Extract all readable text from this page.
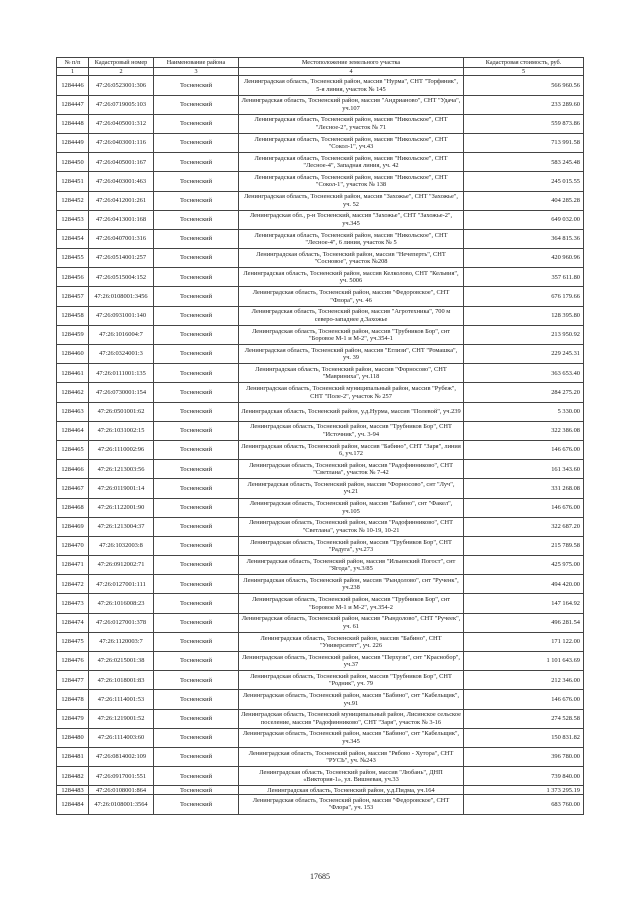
№ п/п	Кадастровый номер	Наименование района	Местоположение земельного участка	Кадастровая стоимость, руб.
1	2	3	4	5
1284446	47:26:0523001:306	Тосненский	Ленинградская область, Тосненский район, массив "Нурма", СНТ "Торфяник", 5-я линия, участок № 145	566 960.56
1284447	47:26:0719005:103	Тосненский	Ленинградская область, Тосненский район, массив "Андрианово", СНТ "Удача", уч.107	233 289.60
1284448	47:26:0405001:312	Тосненский	Ленинградская область, Тосненский район, массив "Никольское", СНТ "Лесное-2", участок № 71	559 873.86
1284449	47:26:0403001:116	Тосненский	Ленинградская область, Тосненский район, массив "Никольское", СНТ "Сокол-1", уч.43	713 991.58
1284450	47:26:0405001:167	Тосненский	Ленинградская область, Тосненский район, массив "Никольское", СНТ "Лесное-4", Западная линия, уч. 42	583 245.48
1284451	47:26:0403001:463	Тосненский	Ленинградская область, Тосненский район, массив "Никольское", СНТ "Сокол-1", участок № 138	245 015.55
1284452	47:26:0412001:261	Тосненский	Ленинградская область, Тосненский район, массив "Захожье", СНТ "Захожье", уч. 52	404 285.28
1284453	47:26:0413001:168	Тосненский	Ленинградская обл., р-н Тосненский, массив "Захожье", СНТ "Захожье-2", уч.345	649 032.00
1284454	47:26:0407001:316	Тосненский	Ленинградская область, Тосненский район, массив "Никольское", СНТ "Лесное-4", 6 линия, участок № 5	364 815.36
1284455	47:26:0514001:257	Тосненский	Ленинградская область, Тосненский район, массив "Нечеперть", СНТ "Сосновое", участок №208	420 960.96
1284456	47:26:0515004:152	Тосненский	Ленинградская область, Тосненский район, массив Келколово, СНТ "Кельвия", уч. 5006	357 611.80
1284457	47:26:0108001:3456	Тосненский	Ленинградская область, Тосненский район, массив "Федоровское", СНТ "Флора", уч. 46	676 179.66
1284458	47:26:0931001:140	Тосненский	Ленинградская область, Тосненский район, массив "Агротехника", 700 м северо-западнее д.Захожье	128 395.80
1284459	47:26:1016004:7	Тосненский	Ленинградская область, Тосненский район, массив "Трубников Бор", снт "Боровое М-1 и М-2", уч.354-1	213 950.92
1284460	47:26:0324001:3	Тосненский	Ленинградская область, Тосненский район, массив "Еглизи", СНТ "Ромашка", уч. 39	229 245.31
1284461	47:26:0111001:135	Тосненский	Ленинградская область, Тосненский район, массив "Форносово", СНТ "Мавриниха", уч.118	363 653.40
1284462	47:26:0730001:154	Тосненский	Ленинградская область, Тосненский муниципальный район, массив "Рубеж", СНТ "Поле-2", участок № 257	284 275.20
1284463	47:26:0501001:62	Тосненский	Ленинградская область, Тосненский район, у.д.Нурма, массив "Полевой", уч.239	5 330.00
1284464	47:26:1031002:15	Тосненский	Ленинградская область, Тосненский район, массив "Трубников Бор", СНТ "Источник", уч. 3-94	322 386.08
1284465	47:26:1110002:96	Тосненский	Ленинградская область, Тосненский район, массив "Бабино", СНТ "Заря", линия 6, уч.172	146 676.00
1284466	47:26:1213003:56	Тосненский	Ленинградская область, Тосненский район, массив "Радофинниково", СНТ "Светлана", участок № 7-42	161 343.60
1284467	47:26:0119001:14	Тосненский	Ленинградская область, Тосненский район, массив "Форносово", снт "Луч", уч.21	331 268.08
1284468	47:26:1122001:90	Тосненский	Ленинградская область, Тосненский район, массив "Бабино", снт "Факел", уч.105	146 676.00
1284469	47:26:1213004:37	Тосненский	Ленинградская область, Тосненский район, массив "Радофинниково", СНТ "Светлана", участок № 10-19, 10-21	322 687.20
1284470	47:26:1032003:8	Тосненский	Ленинградская область, Тосненский район, массив "Трубников Бор", СНТ "Радуга", уч.273	215 789.58
1284471	47:26:0912002:71	Тосненский	Ленинградская область, Тосненский район, массив "Ильинский Погост", снт "Ягода", уч.3/85	425 975.00
1284472	47:26:0127001:111	Тосненский	Ленинградская область, Тосненский район, массив "Рындолово", снт "Рученк", уч.238	494 420.00
1284473	47:26:1016008:23	Тосненский	Ленинградская область, Тосненский район, массив "Трубников Бор", снт "Боровое М-1 и М-2", уч.354-2	147 164.92
1284474	47:26:0127001:378	Тосненский	Ленинградская область, Тосненский район, массив "Рындолово", СНТ "Ручеек", уч. 61	496 281.54
1284475	47:26:1120003:7	Тосненский	Ленинградская область, Тосненский район, массив "Бабино", СНТ "Университет", уч. 226	171 122.00
1284476	47:26:0215001:38	Тосненский	Ленинградская область, Тосненский район, массив "Перхузи", снт "Краснобор", уч.37	1 101 643.69
1284477	47:26:1018001:83	Тосненский	Ленинградская область, Тосненский район, массив "Трубников Бор", СНТ "Родник", уч. 79	212 346.00
1284478	47:26:1114001:53	Тосненский	Ленинградская область, Тосненский район, массив "Бабино", снт "Кабельщик", уч.91	146 676.00
1284479	47:26:1219001:52	Тосненский	Ленинградская область, Тосненский муниципальный район, Лисинское сельское поселение, массив "Радофинниково", СНТ "Заря", участок № 3-16	274 528.58
1284480	47:26:1114003:60	Тосненский	Ленинградская область, Тосненский район, массив "Бабино", снт "Кабельщик", уч.345	150 831.82
1284481	47:26:0814002:109	Тосненский	Ленинградская область, Тосненский район, массив "Рябово - Хутора", СНТ "РУСЬ", уч. №243	396 780.00
1284482	47:26:0917001:551	Тосненский	Ленинградская область, Тосненский район, массив "Любань", ДНП «Виктория-1», ул. Вишневая, уч.33	739 840.00
1284483	47:26:0108001:864	Тосненский	Ленинградская область, Тосненский район, у.д.Пидма, уч.164	1 373 295.19
1284484	47:26:0108001:3564	Тосненский	Ленинградская область, Тосненский район, массив "Федоровское", СНТ "Флора", уч. 153	683 760.00
17685
